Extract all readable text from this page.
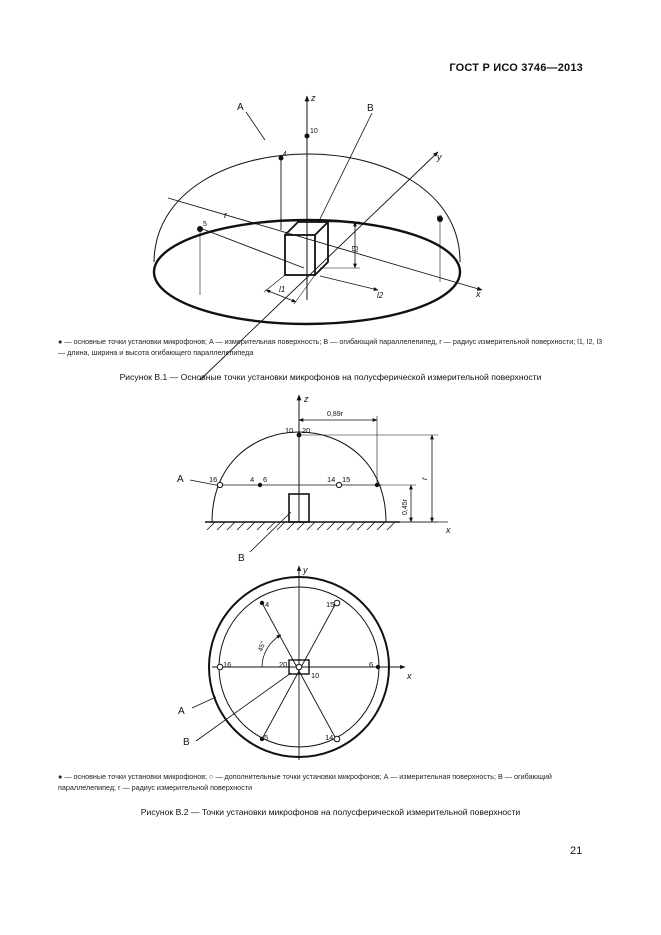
ГОСТ Р ИСО 3746—2013
A	B
z
y
x
r
l1
l2
l3
10
4
5
6
z
x
A
B
0,89r
r
0,45r
10 20
16	4 6	14 15
y
x
A
B
4	15
16	20	6
10
5	14
45°
● — основные точки установки микрофонов; A — измерительная поверхность; B — огибающий параллелепипед, r — радиус измерительной поверхности; l1, l2, l3 — длина, ширина и высота огибающего параллелепипеда
Рисунок B.1 — Основные точки установки микрофонов на полусферической измерительной поверхности
● — основные точки установки микрофонов; ○ — дополнительные точки установки микрофонов; A — измерительная поверхность; B — огибающий параллелепипед; r — радиус измерительной поверхности
Рисунок B.2 — Точки установки микрофонов на полусферической измерительной поверхности
21
